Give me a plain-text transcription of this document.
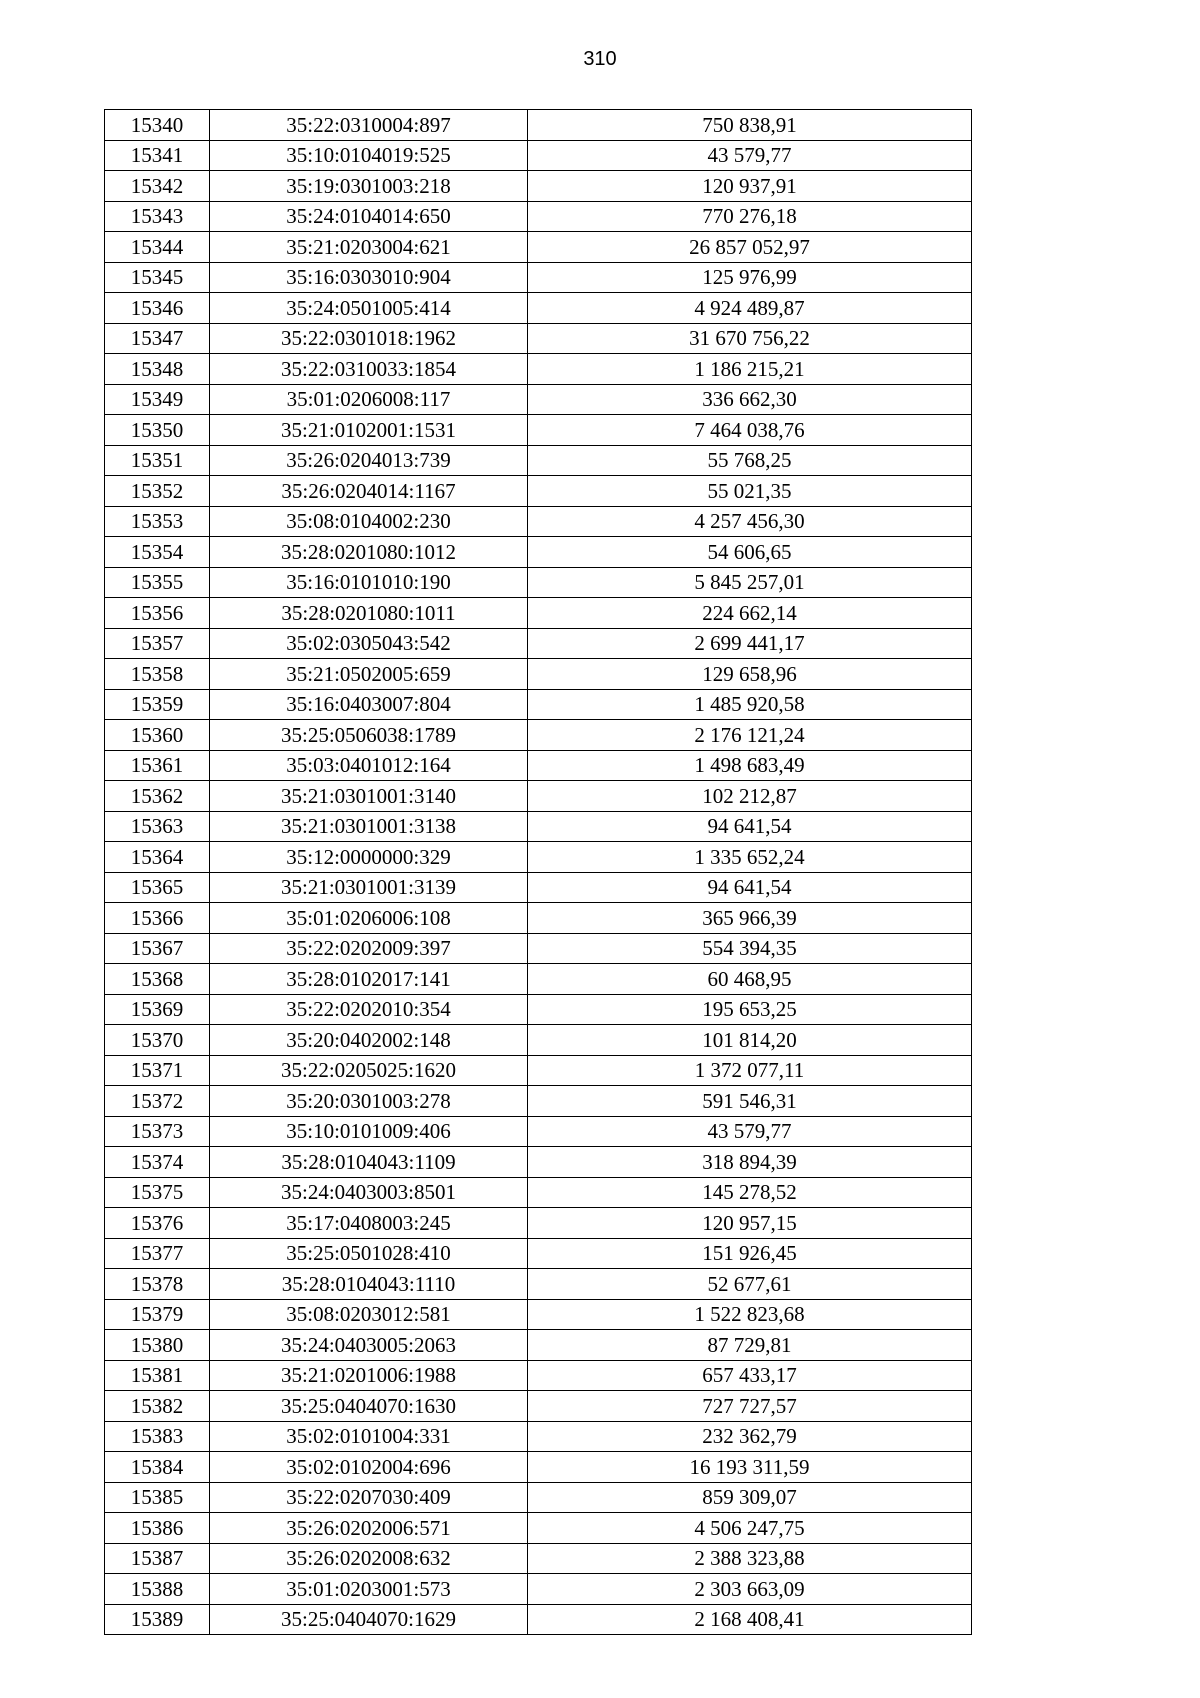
310
15340	35:22:0310004:897	750 838,91
15341	35:10:0104019:525	43 579,77
15342	35:19:0301003:218	120 937,91
15343	35:24:0104014:650	770 276,18
15344	35:21:0203004:621	26 857 052,97
15345	35:16:0303010:904	125 976,99
15346	35:24:0501005:414	4 924 489,87
15347	35:22:0301018:1962	31 670 756,22
15348	35:22:0310033:1854	1 186 215,21
15349	35:01:0206008:117	336 662,30
15350	35:21:0102001:1531	7 464 038,76
15351	35:26:0204013:739	55 768,25
15352	35:26:0204014:1167	55 021,35
15353	35:08:0104002:230	4 257 456,30
15354	35:28:0201080:1012	54 606,65
15355	35:16:0101010:190	5 845 257,01
15356	35:28:0201080:1011	224 662,14
15357	35:02:0305043:542	2 699 441,17
15358	35:21:0502005:659	129 658,96
15359	35:16:0403007:804	1 485 920,58
15360	35:25:0506038:1789	2 176 121,24
15361	35:03:0401012:164	1 498 683,49
15362	35:21:0301001:3140	102 212,87
15363	35:21:0301001:3138	94 641,54
15364	35:12:0000000:329	1 335 652,24
15365	35:21:0301001:3139	94 641,54
15366	35:01:0206006:108	365 966,39
15367	35:22:0202009:397	554 394,35
15368	35:28:0102017:141	60 468,95
15369	35:22:0202010:354	195 653,25
15370	35:20:0402002:148	101 814,20
15371	35:22:0205025:1620	1 372 077,11
15372	35:20:0301003:278	591 546,31
15373	35:10:0101009:406	43 579,77
15374	35:28:0104043:1109	318 894,39
15375	35:24:0403003:8501	145 278,52
15376	35:17:0408003:245	120 957,15
15377	35:25:0501028:410	151 926,45
15378	35:28:0104043:1110	52 677,61
15379	35:08:0203012:581	1 522 823,68
15380	35:24:0403005:2063	87 729,81
15381	35:21:0201006:1988	657 433,17
15382	35:25:0404070:1630	727 727,57
15383	35:02:0101004:331	232 362,79
15384	35:02:0102004:696	16 193 311,59
15385	35:22:0207030:409	859 309,07
15386	35:26:0202006:571	4 506 247,75
15387	35:26:0202008:632	2 388 323,88
15388	35:01:0203001:573	2 303 663,09
15389	35:25:0404070:1629	2 168 408,41
